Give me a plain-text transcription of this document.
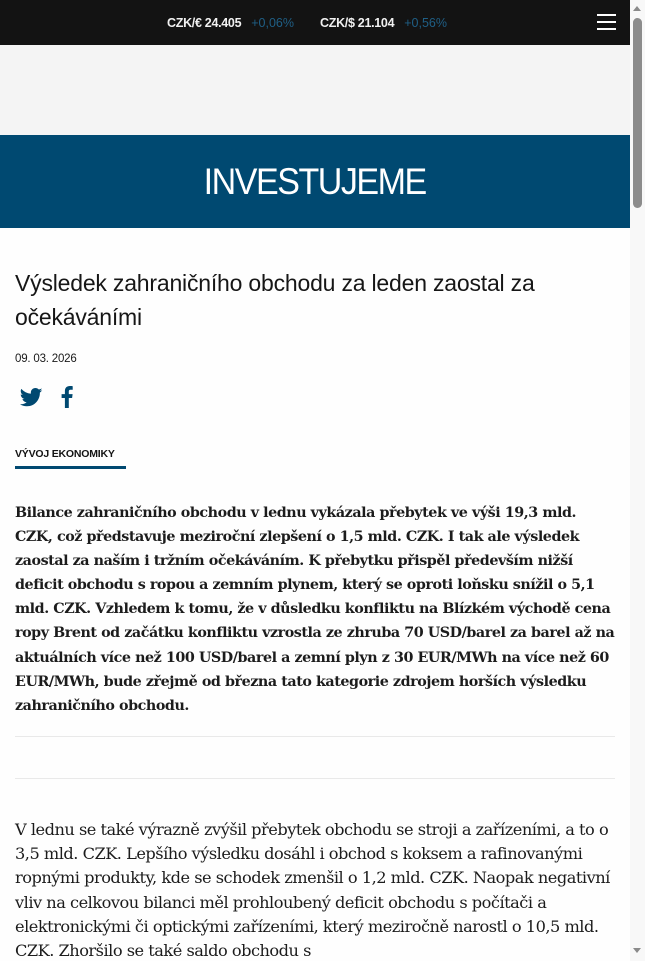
CZK/€ 24.405 +0,06% CZK/$ 21.104 +0,56%
INVESTUJEME
Výsledek zahraničního obchodu za leden zaostal za očekáváními
09. 03. 2026
VÝVOJ EKONOMIKY

Bilance zahraničního obchodu v lednu vykázala přebytek ve výši 19,3 mld. CZK, což představuje meziroční zlepšení o 1,5 mld. CZK. I tak ale výsledek zaostal za naším i tržním očekáváním. K přebytku přispěl především nižší deficit obchodu s ropou a zemním plynem, který se oproti loňsku snížil o 5,1 mld. CZK. Vzhledem k tomu, že v důsledku konfliktu na Blízkém východě cena ropy Brent od začátku konfliktu vzrostla ze zhruba 70 USD/barel za barel až na aktuálních více než 100 USD/barel a zemní plyn z 30 EUR/MWh na více než 60 EUR/MWh, bude zřejmě od března tato kategorie zdrojem horších výsledku zahraničního obchodu.

V lednu se také výrazně zvýšil přebytek obchodu se stroji a zařízeními, a to o 3,5 mld. CZK. Lepšího výsledku dosáhl i obchod s koksem a rafinovanými ropnými produkty, kde se schodek zmenšil o 1,2 mld. CZK. Naopak negativní vliv na celkovou bilanci měl prohloubený deficit obchodu s počítači a elektronickými či optickými zařízeními, který meziročně narostl o 10,5 mld. CZK. Zhoršilo se také saldo obchodu s
